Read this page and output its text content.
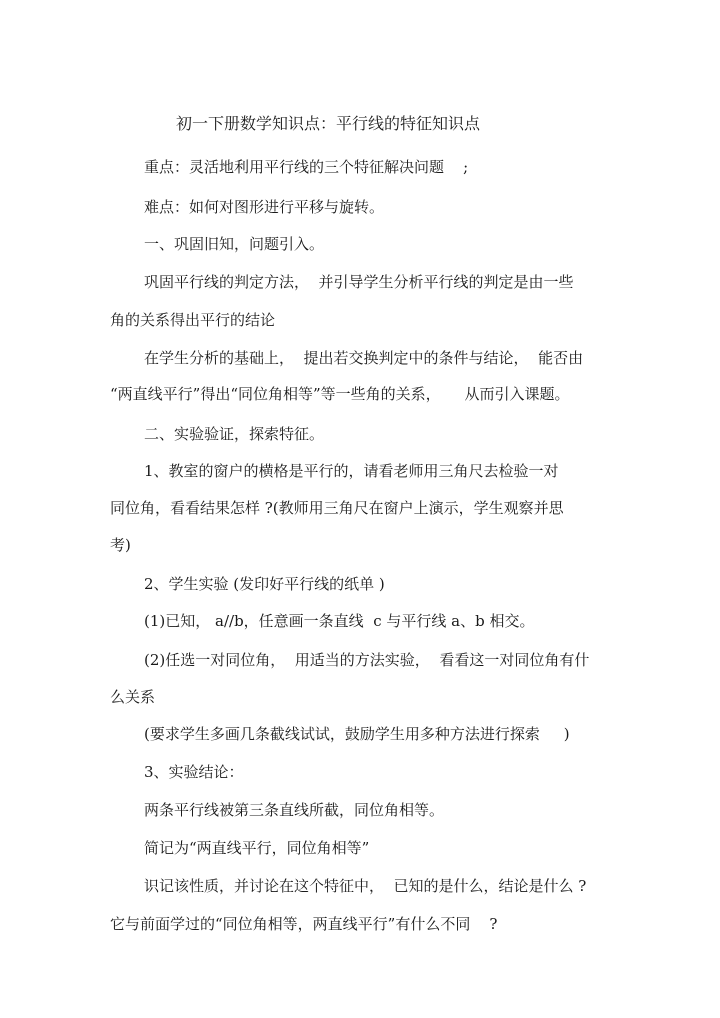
初一下册数学知识点：平行线的特征知识点
重点：灵活地利用平行线的三个特征解决问题    ;
难点：如何对图形进行平移与旋转。
一、巩固旧知，问题引入。
巩固平行线的判定方法，  并引导学生分析平行线的判定是由一些
角的关系得出平行的结论
在学生分析的基础上，  提出若交换判定中的条件与结论，  能否由
“两直线平行”得出“同位角相等”等一些角的关系，     从而引入课题。
二、实验验证，探索特征。
1、教室的窗户的横格是平行的，请看老师用三角尺去检验一对
同位角，看看结果怎样 ?(教师用三角尺在窗户上演示，学生观察并思
考)
2、学生实验 (发印好平行线的纸单 )
(1)已知， a//b，任意画一条直线  c 与平行线 a、b 相交。
(2)任选一对同位角，  用适当的方法实验，  看看这一对同位角有什
么关系
(要求学生多画几条截线试试，鼓励学生用多种方法进行探索     )
3、实验结论：
两条平行线被第三条直线所截，同位角相等。
简记为“两直线平行，同位角相等”
识记该性质，并讨论在这个特征中，  已知的是什么，结论是什么 ?
它与前面学过的“同位角相等，两直线平行”有什么不同    ?
